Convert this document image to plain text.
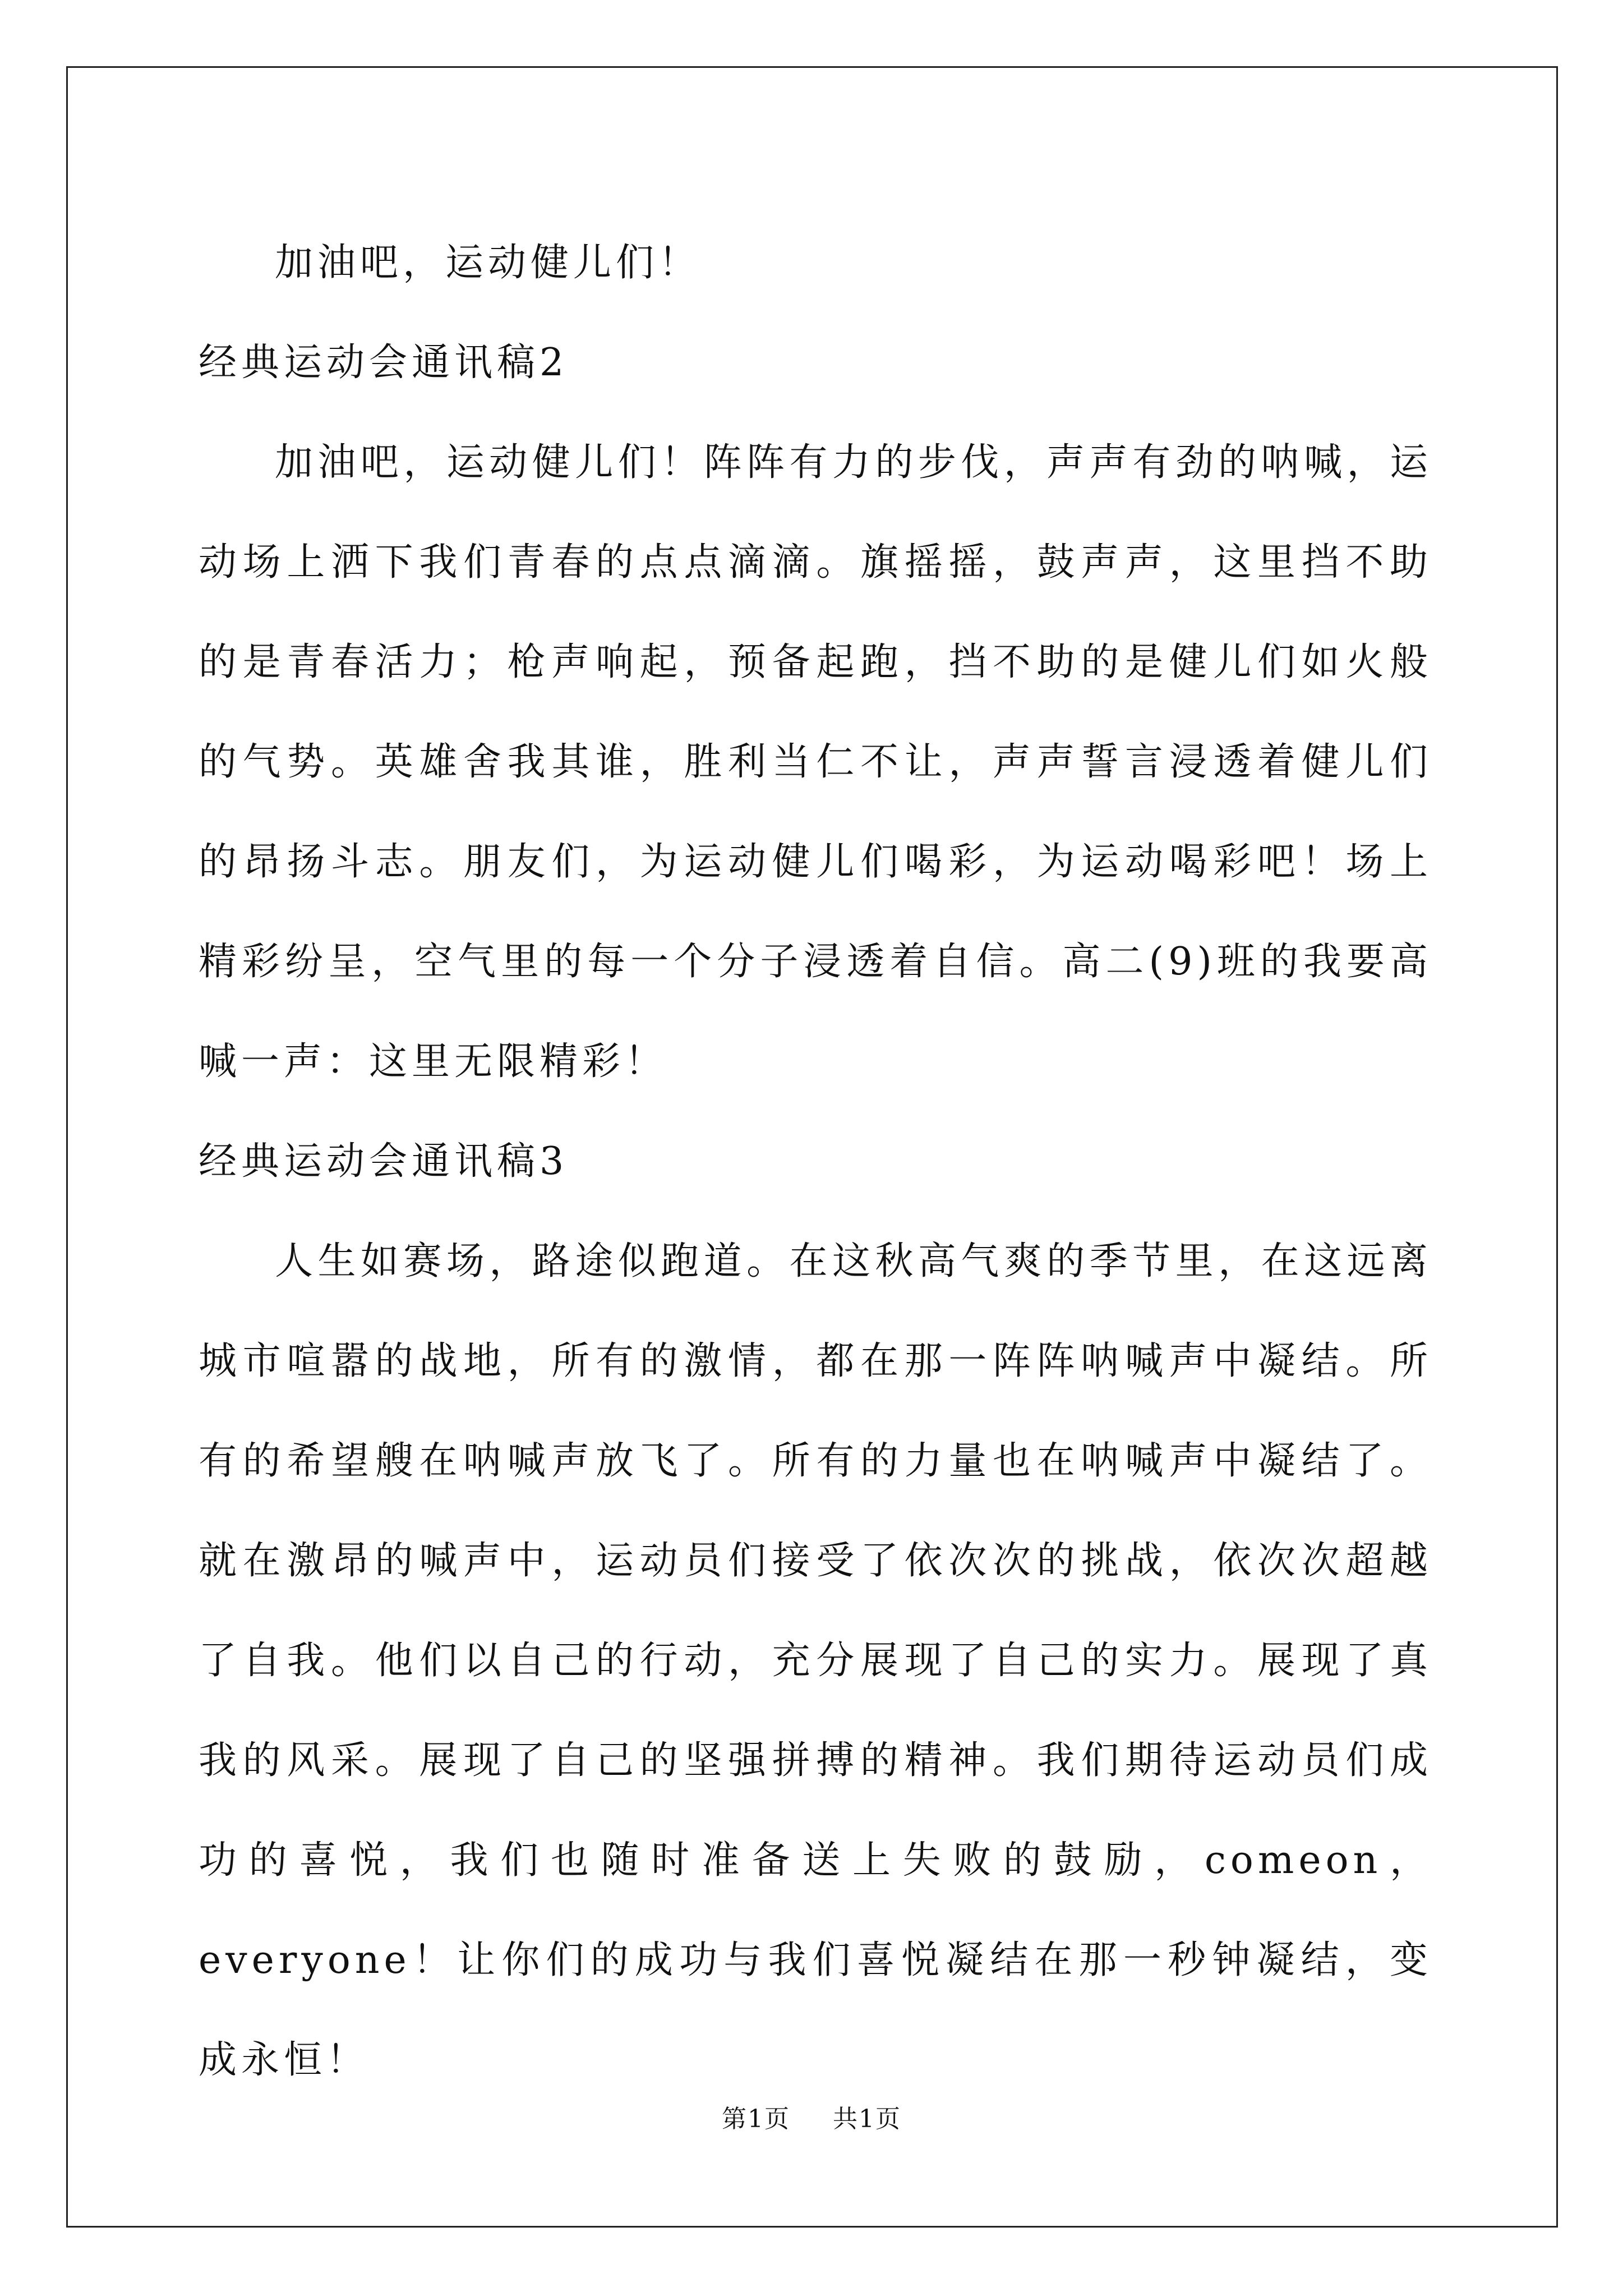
加油吧，运动健儿们！

经典运动会通讯稿2

加油吧，运动健儿们！阵阵有力的步伐，声声有劲的呐喊，运动场上洒下我们青春的点点滴滴。旗摇摇，鼓声声，这里挡不助的是青春活力；枪声响起，预备起跑，挡不助的是健儿们如火般的气势。英雄舍我其谁，胜利当仁不让，声声誓言浸透着健儿们的昂扬斗志。朋友们，为运动健儿们喝彩，为运动喝彩吧！场上精彩纷呈，空气里的每一个分子浸透着自信。高二(9)班的我要高喊一声：这里无限精彩！

经典运动会通讯稿3

人生如赛场，路途似跑道。在这秋高气爽的季节里，在这远离城市喧嚣的战地，所有的激情，都在那一阵阵呐喊声中凝结。所有的希望艘在呐喊声放飞了。所有的力量也在呐喊声中凝结了。就在激昂的喊声中，运动员们接受了依次次的挑战，依次次超越了自我。他们以自己的行动，充分展现了自己的实力。展现了真我的风采。展现了自己的坚强拼搏的精神。我们期待运动员们成功的喜悦，我们也随时准备送上失败的鼓励，comeon，everyone！让你们的成功与我们喜悦凝结在那一秒钟凝结，变成永恒！

第1页 共1页
